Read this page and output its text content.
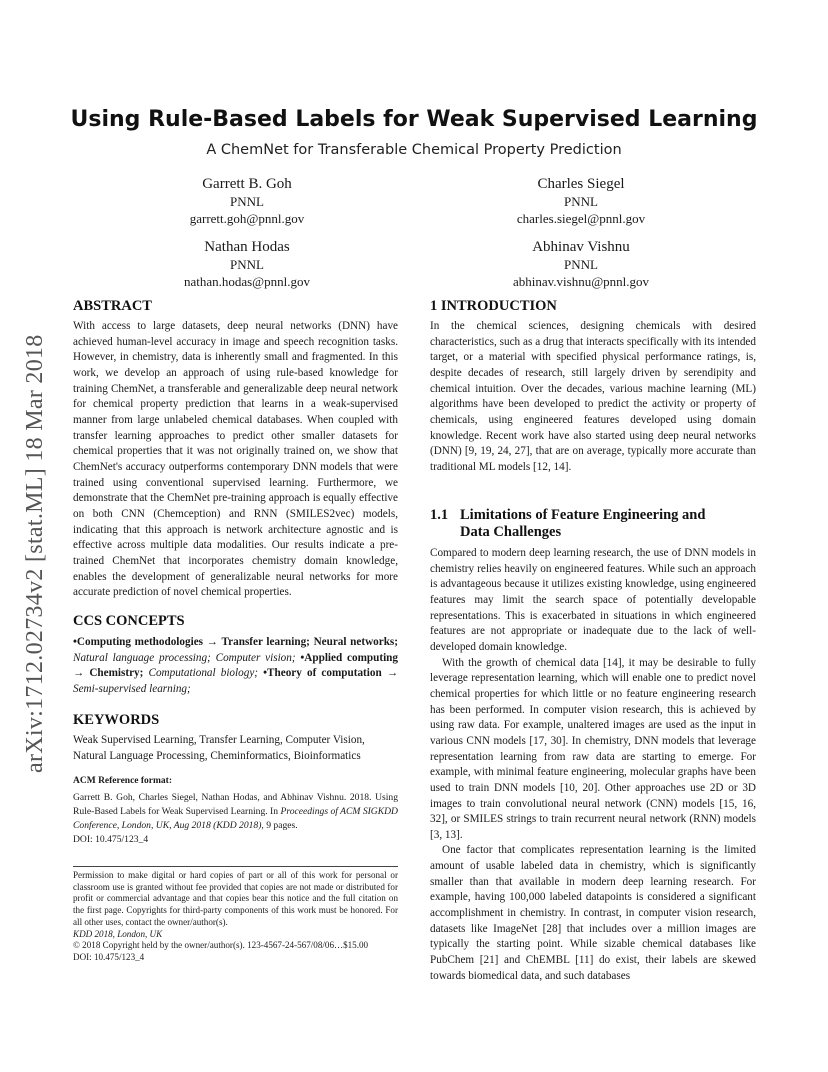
arXiv:1712.02734v2 [stat.ML] 18 Mar 2018
Using Rule-Based Labels for Weak Supervised Learning
A ChemNet for Transferable Chemical Property Prediction
Garrett B. Goh
PNNL
garrett.goh@pnnl.gov
Charles Siegel
PNNL
charles.siegel@pnnl.gov
Nathan Hodas
PNNL
nathan.hodas@pnnl.gov
Abhinav Vishnu
PNNL
abhinav.vishnu@pnnl.gov
ABSTRACT

With access to large datasets, deep neural networks (DNN) have achieved human-level accuracy in image and speech recognition tasks. However, in chemistry, data is inherently small and fragmented. In this work, we develop an approach of using rule-based knowledge for training ChemNet, a transferable and generalizable deep neural network for chemical property prediction that learns in a weak-supervised manner from large unlabeled chemical databases. When coupled with transfer learning approaches to predict other smaller datasets for chemical properties that it was not originally trained on, we show that ChemNet's accuracy outperforms contemporary DNN models that were trained using conventional supervised learning. Furthermore, we demonstrate that the ChemNet pre-training approach is equally effective on both CNN (Chemception) and RNN (SMILES2vec) models, indicating that this approach is network architecture agnostic and is effective across multiple data modalities. Our results indicate a pre-trained ChemNet that incorporates chemistry domain knowledge, enables the development of generalizable neural networks for more accurate prediction of novel chemical properties.

CCS CONCEPTS

•Computing methodologies → Transfer learning; Neural networks; Natural language processing; Computer vision; •Applied computing → Chemistry; Computational biology; •Theory of computation → Semi-supervised learning;

KEYWORDS

Weak Supervised Learning, Transfer Learning, Computer Vision, Natural Language Processing, Cheminformatics, Bioinformatics

ACM Reference format:

Garrett B. Goh, Charles Siegel, Nathan Hodas, and Abhinav Vishnu. 2018. Using Rule-Based Labels for Weak Supervised Learning. In Proceedings of ACM SIGKDD Conference, London, UK, Aug 2018 (KDD 2018), 9 pages.
DOI: 10.475/123_4

Permission to make digital or hard copies of part or all of this work for personal or classroom use is granted without fee provided that copies are not made or distributed for profit or commercial advantage and that copies bear this notice and the full citation on the first page. Copyrights for third-party components of this work must be honored. For all other uses, contact the owner/author(s).

KDD 2018, London, UK

© 2018 Copyright held by the owner/author(s). 123-4567-24-567/08/06…$15.00

DOI: 10.475/123_4

1 INTRODUCTION

In the chemical sciences, designing chemicals with desired characteristics, such as a drug that interacts specifically with its intended target, or a material with specified physical performance ratings, is, despite decades of research, still largely driven by serendipity and chemical intuition. Over the decades, various machine learning (ML) algorithms have been developed to predict the activity or property of chemicals, using engineered features developed using domain knowledge. Recent work have also started using deep neural networks (DNN) [9, 19, 24, 27], that are on average, typically more accurate than traditional ML models [12, 14].

1.1 Limitations of Feature Engineering and
Data Challenges

Compared to modern deep learning research, the use of DNN models in chemistry relies heavily on engineered features. While such an approach is advantageous because it utilizes existing knowledge, using engineered features may limit the search space of potentially developable representations. This is exacerbated in situations in which engineered features are not appropriate or inadequate due to the lack of well-developed domain knowledge.

With the growth of chemical data [14], it may be desirable to fully leverage representation learning, which will enable one to predict novel chemical properties for which little or no feature engineering research has been performed. In computer vision research, this is achieved by using raw data. For example, unaltered images are used as the input in various CNN models [17, 30]. In chemistry, DNN models that leverage representation learning from raw data are starting to emerge. For example, with minimal feature engineering, molecular graphs have been used to train DNN models [10, 20]. Other approaches use 2D or 3D images to train convolutional neural network (CNN) models [15, 16, 32], or SMILES strings to train recurrent neural network (RNN) models [3, 13].

One factor that complicates representation learning is the limited amount of usable labeled data in chemistry, which is significantly smaller than that available in modern deep learning research. For example, having 100,000 labeled datapoints is considered a significant accomplishment in chemistry. In contrast, in computer vision research, datasets like ImageNet [28] that includes over a million images are typically the starting point. While sizable chemical databases like PubChem [21] and ChEMBL [11] do exist, their labels are skewed towards biomedical data, and such databases
